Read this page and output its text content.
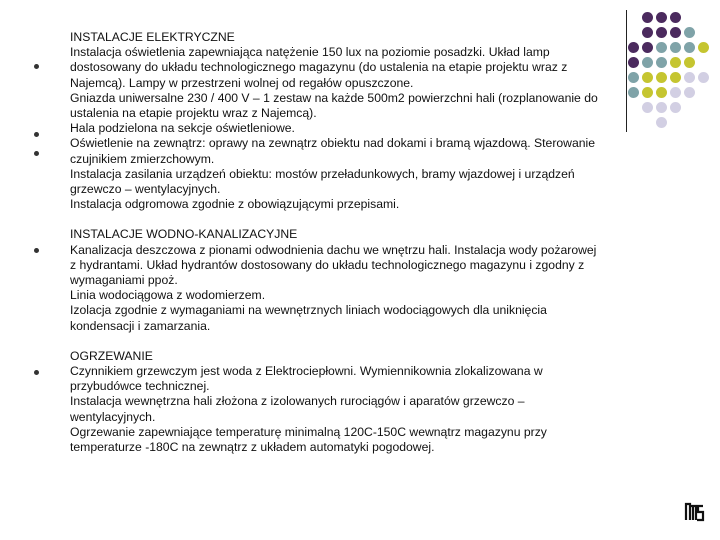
INSTALACJE ELEKTRYCZNE

Instalacja oświetlenia zapewniająca natężenie 150 lux na poziomie posadzki. Układ lamp

dostosowany do układu technologicznego magazynu (do ustalenia na etapie projektu wraz z

Najemcą). Lampy w przestrzeni wolnej od regałów opuszczone.

Gniazda uniwersalne 230 / 400 V – 1 zestaw na każde 500m2 powierzchni hali (rozplanowanie do

ustalenia na etapie projektu wraz z Najemcą).

Hala podzielona na sekcje oświetleniowe.

Oświetlenie na zewnątrz: oprawy na zewnątrz obiektu nad dokami i bramą wjazdową. Sterowanie

czujnikiem zmierzchowym.

Instalacja zasilania urządzeń obiektu: mostów przeładunkowych, bramy wjazdowej i urządzeń

grzewczo – wentylacyjnych.

Instalacja odgromowa zgodnie z obowiązującymi przepisami.

INSTALACJE WODNO-KANALIZACYJNE

Kanalizacja deszczowa z pionami odwodnienia dachu we wnętrzu hali. Instalacja wody pożarowej

z hydrantami. Układ hydrantów dostosowany do układu technologicznego magazynu i zgodny z

wymaganiami ppoż.

Linia wodociągowa z wodomierzem.

Izolacja zgodnie z wymaganiami na wewnętrznych liniach wodociągowych dla uniknięcia

kondensacji i zamarzania.

OGRZEWANIE

Czynnikiem grzewczym jest woda z Elektrociepłowni. Wymiennikownia zlokalizowana w

przybudówce technicznej.

Instalacja wewnętrzna hali złożona z izolowanych rurociągów i aparatów grzewczo –

wentylacyjnych.

Ogrzewanie zapewniające temperaturę minimalną 120C-150C wewnątrz magazynu przy

temperaturze -180C na zewnątrz z układem automatyki pogodowej.
